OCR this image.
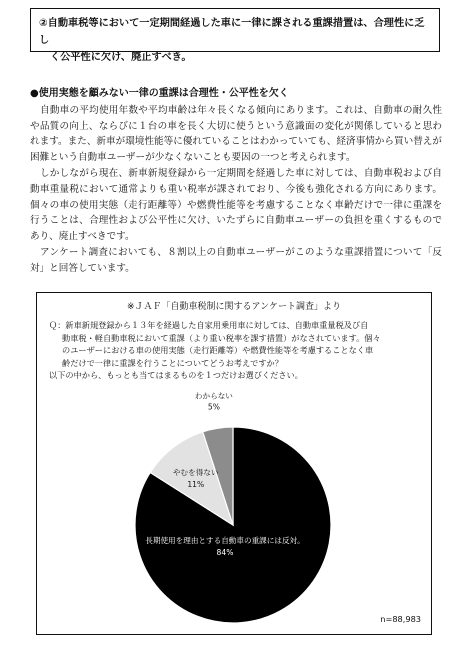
②自動車税等において一定期間経過した車に一律に課される重課措置は、合理性に乏し
く公平性に欠け、廃止すべき。
●使用実態を顧みない一律の重課は合理性・公平性を欠く

自動車の平均使用年数や平均車齢は年々長くなる傾向にあります。これは、自動車の耐久性や品質の向上、ならびに１台の車を長く大切に使うという意識面の変化が関係していると思われます。また、新車が環境性能等に優れていることはわかっていても、経済事情から買い替えが困難という自動車ユーザーが少なくないことも要因の一つと考えられます。

しかしながら現在、新車新規登録から一定期間を経過した車に対しては、自動車税および自動車重量税において通常よりも重い税率が課されており、今後も強化される方向にあります。個々の車の使用実態（走行距離等）や燃費性能等を考慮することなく車齢だけで一律に重課を行うことは、合理性および公平性に欠け、いたずらに自動車ユーザーの負担を重くするものであり、廃止すべきです。

アンケート調査においても、８割以上の自動車ユーザーがこのような重課措置について「反対」と回答しています。

※ＪＡＦ「自動車税制に関するアンケート調査」より
Ｑ：新車新規登録から１３年を経過した自家用乗用車に対しては、自動車重量税及び自
動車税・軽自動車税において重課（より重い税率を課す措置）がなされています。個々
のユーザーにおける車の使用実態（走行距離等）や燃費性能等を考慮することなく車
齢だけで一律に重課を行うことについてどうお考えですか？
以下の中から、もっとも当てはまるものを１つだけお選びください。
長期使用を理由とする自動車の重課には反対。
84%
やむを得ない
11%
わからない
5%
n=88,983
